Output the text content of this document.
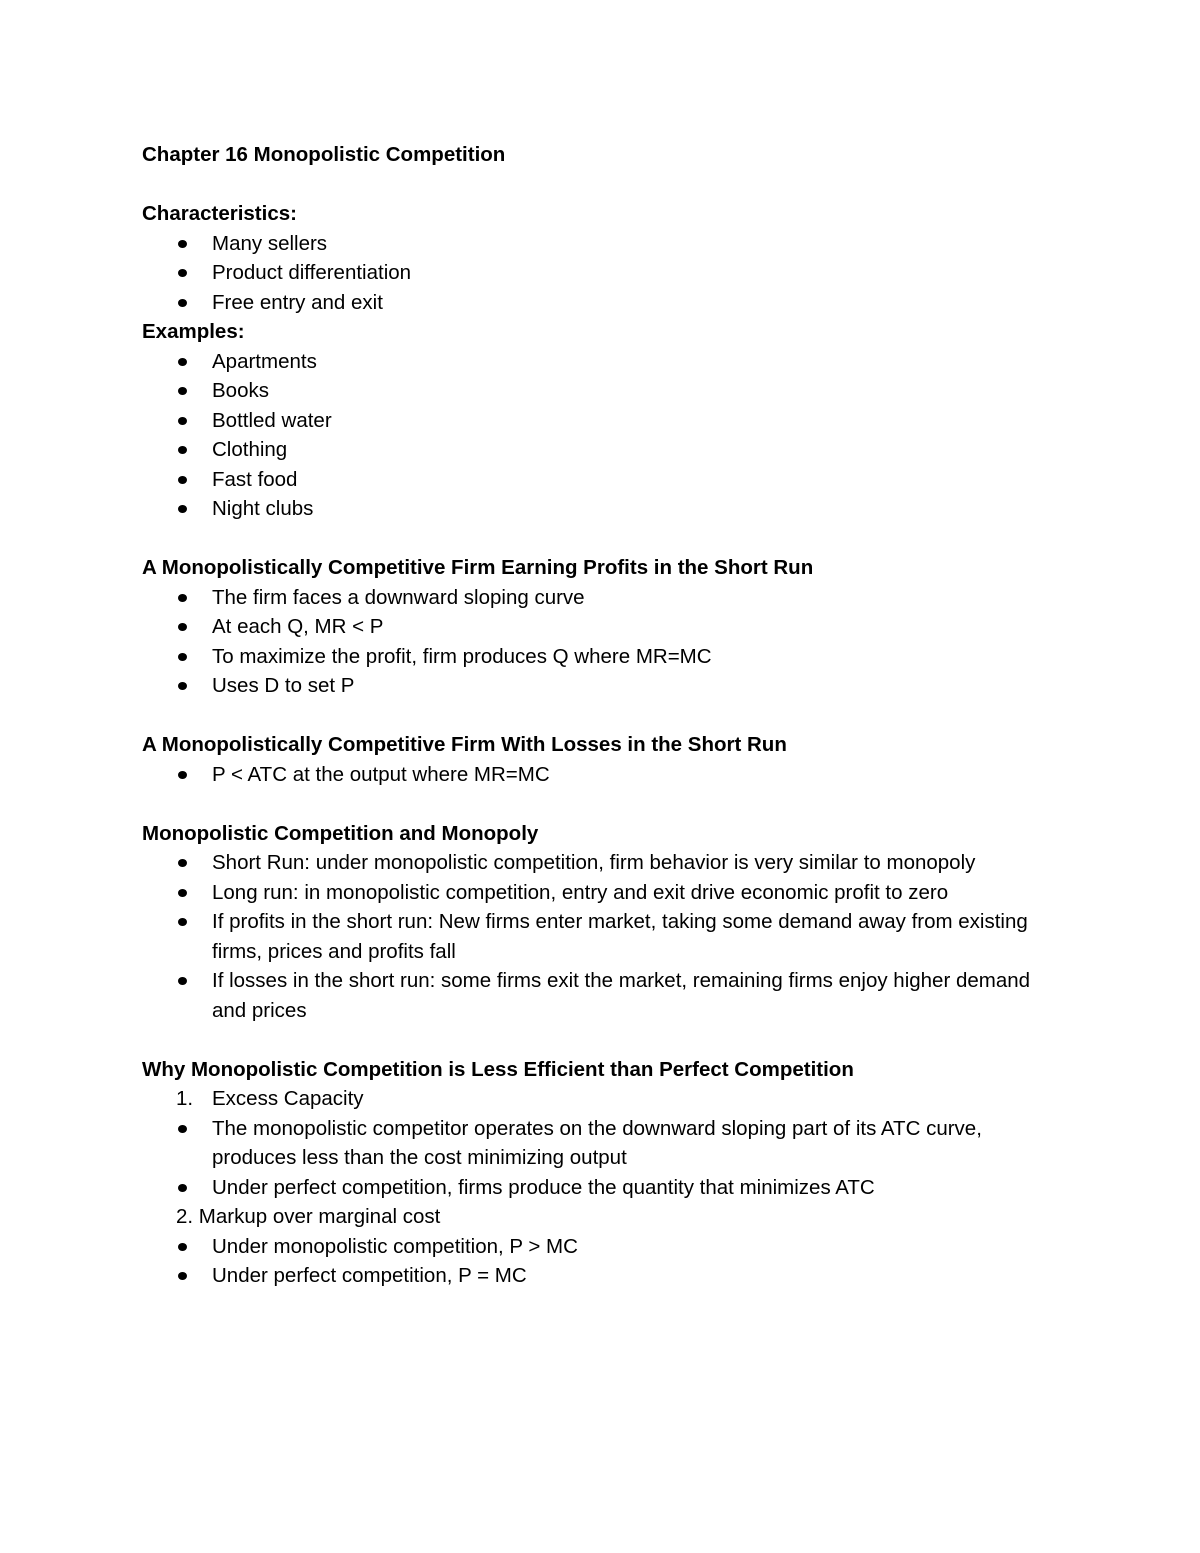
Chapter 16 Monopolistic Competition

Characteristics:

Many sellers
Product differentiation
Free entry and exit

Examples:

Apartments
Books
Bottled water
Clothing
Fast food
Night clubs

A Monopolistically Competitive Firm Earning Profits in the Short Run

The firm faces a downward sloping curve
At each Q, MR < P
To maximize the profit, firm produces Q where MR=MC
Uses D to set P

A Monopolistically Competitive Firm With Losses in the Short Run

P < ATC at the output where MR=MC

Monopolistic Competition and Monopoly

Short Run: under monopolistic competition, firm behavior is very similar to monopoly
Long run: in monopolistic competition, entry and exit drive economic profit to zero
If profits in the short run: New firms enter market, taking some demand away from existing firms, prices and profits fall
If losses in the short run: some firms exit the market, remaining firms enjoy higher demand and prices

Why Monopolistic Competition is Less Efficient than Perfect Competition

1. Excess Capacity
The monopolistic competitor operates on the downward sloping part of its ATC curve, produces less than the cost minimizing output
Under perfect competition, firms produce the quantity that minimizes ATC

2. Markup over marginal cost

Under monopolistic competition, P > MC
Under perfect competition, P = MC
